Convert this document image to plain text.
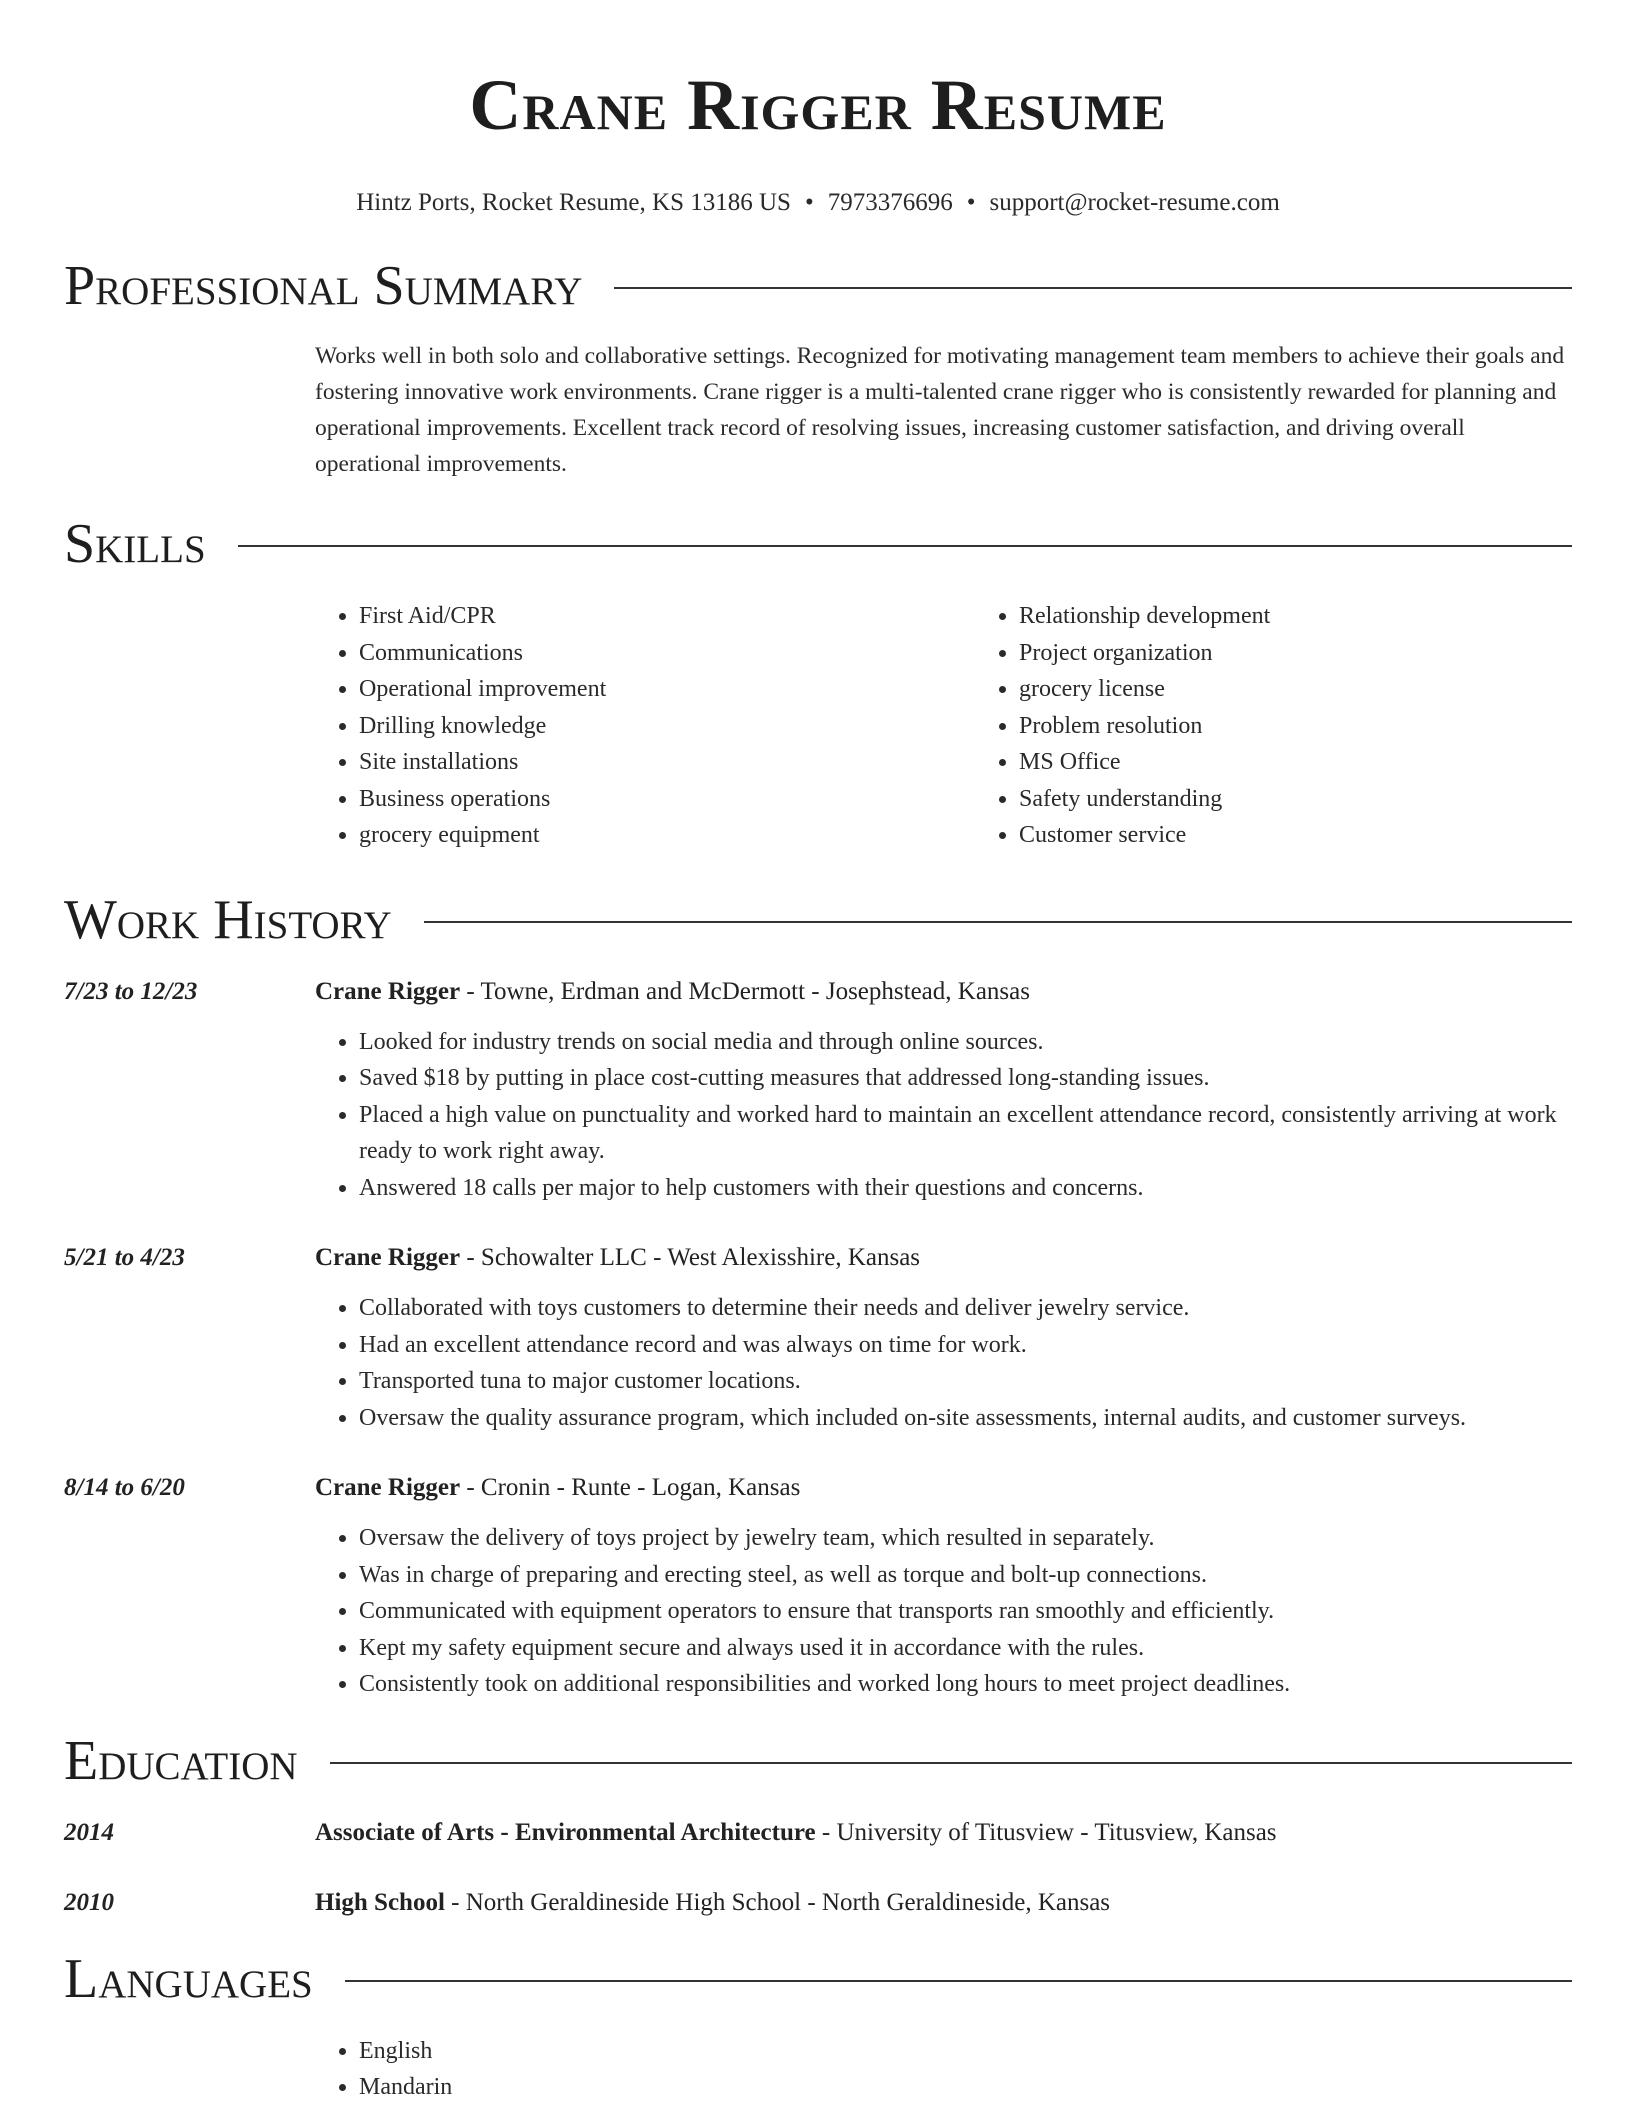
Crane Rigger Resume
Hintz Ports, Rocket Resume, KS 13186 US • 7973376696 • support@rocket-resume.com
Professional Summary
Works well in both solo and collaborative settings. Recognized for motivating management team members to achieve their goals and fostering innovative work environments. Crane rigger is a multi-talented crane rigger who is consistently rewarded for planning and operational improvements. Excellent track record of resolving issues, increasing customer satisfaction, and driving overall operational improvements.
Skills
• First Aid/CPR
• Communications
• Operational improvement
• Drilling knowledge
• Site installations
• Business operations
• grocery equipment
• Relationship development
• Project organization
• grocery license
• Problem resolution
• MS Office
• Safety understanding
• Customer service
Work History
7/23 to 12/23	Crane Rigger - Towne, Erdman and McDermott - Josephstead, Kansas
• Looked for industry trends on social media and through online sources.
• Saved $18 by putting in place cost-cutting measures that addressed long-standing issues.
• Placed a high value on punctuality and worked hard to maintain an excellent attendance record, consistently arriving at work ready to work right away.
• Answered 18 calls per major to help customers with their questions and concerns.
5/21 to 4/23	Crane Rigger - Schowalter LLC - West Alexisshire, Kansas
• Collaborated with toys customers to determine their needs and deliver jewelry service.
• Had an excellent attendance record and was always on time for work.
• Transported tuna to major customer locations.
• Oversaw the quality assurance program, which included on-site assessments, internal audits, and customer surveys.
8/14 to 6/20	Crane Rigger - Cronin - Runte - Logan, Kansas
• Oversaw the delivery of toys project by jewelry team, which resulted in separately.
• Was in charge of preparing and erecting steel, as well as torque and bolt-up connections.
• Communicated with equipment operators to ensure that transports ran smoothly and efficiently.
• Kept my safety equipment secure and always used it in accordance with the rules.
• Consistently took on additional responsibilities and worked long hours to meet project deadlines.
Education
2014	Associate of Arts - Environmental Architecture - University of Titusview - Titusview, Kansas
2010	High School - North Geraldineside High School - North Geraldineside, Kansas
Languages
• English
• Mandarin
